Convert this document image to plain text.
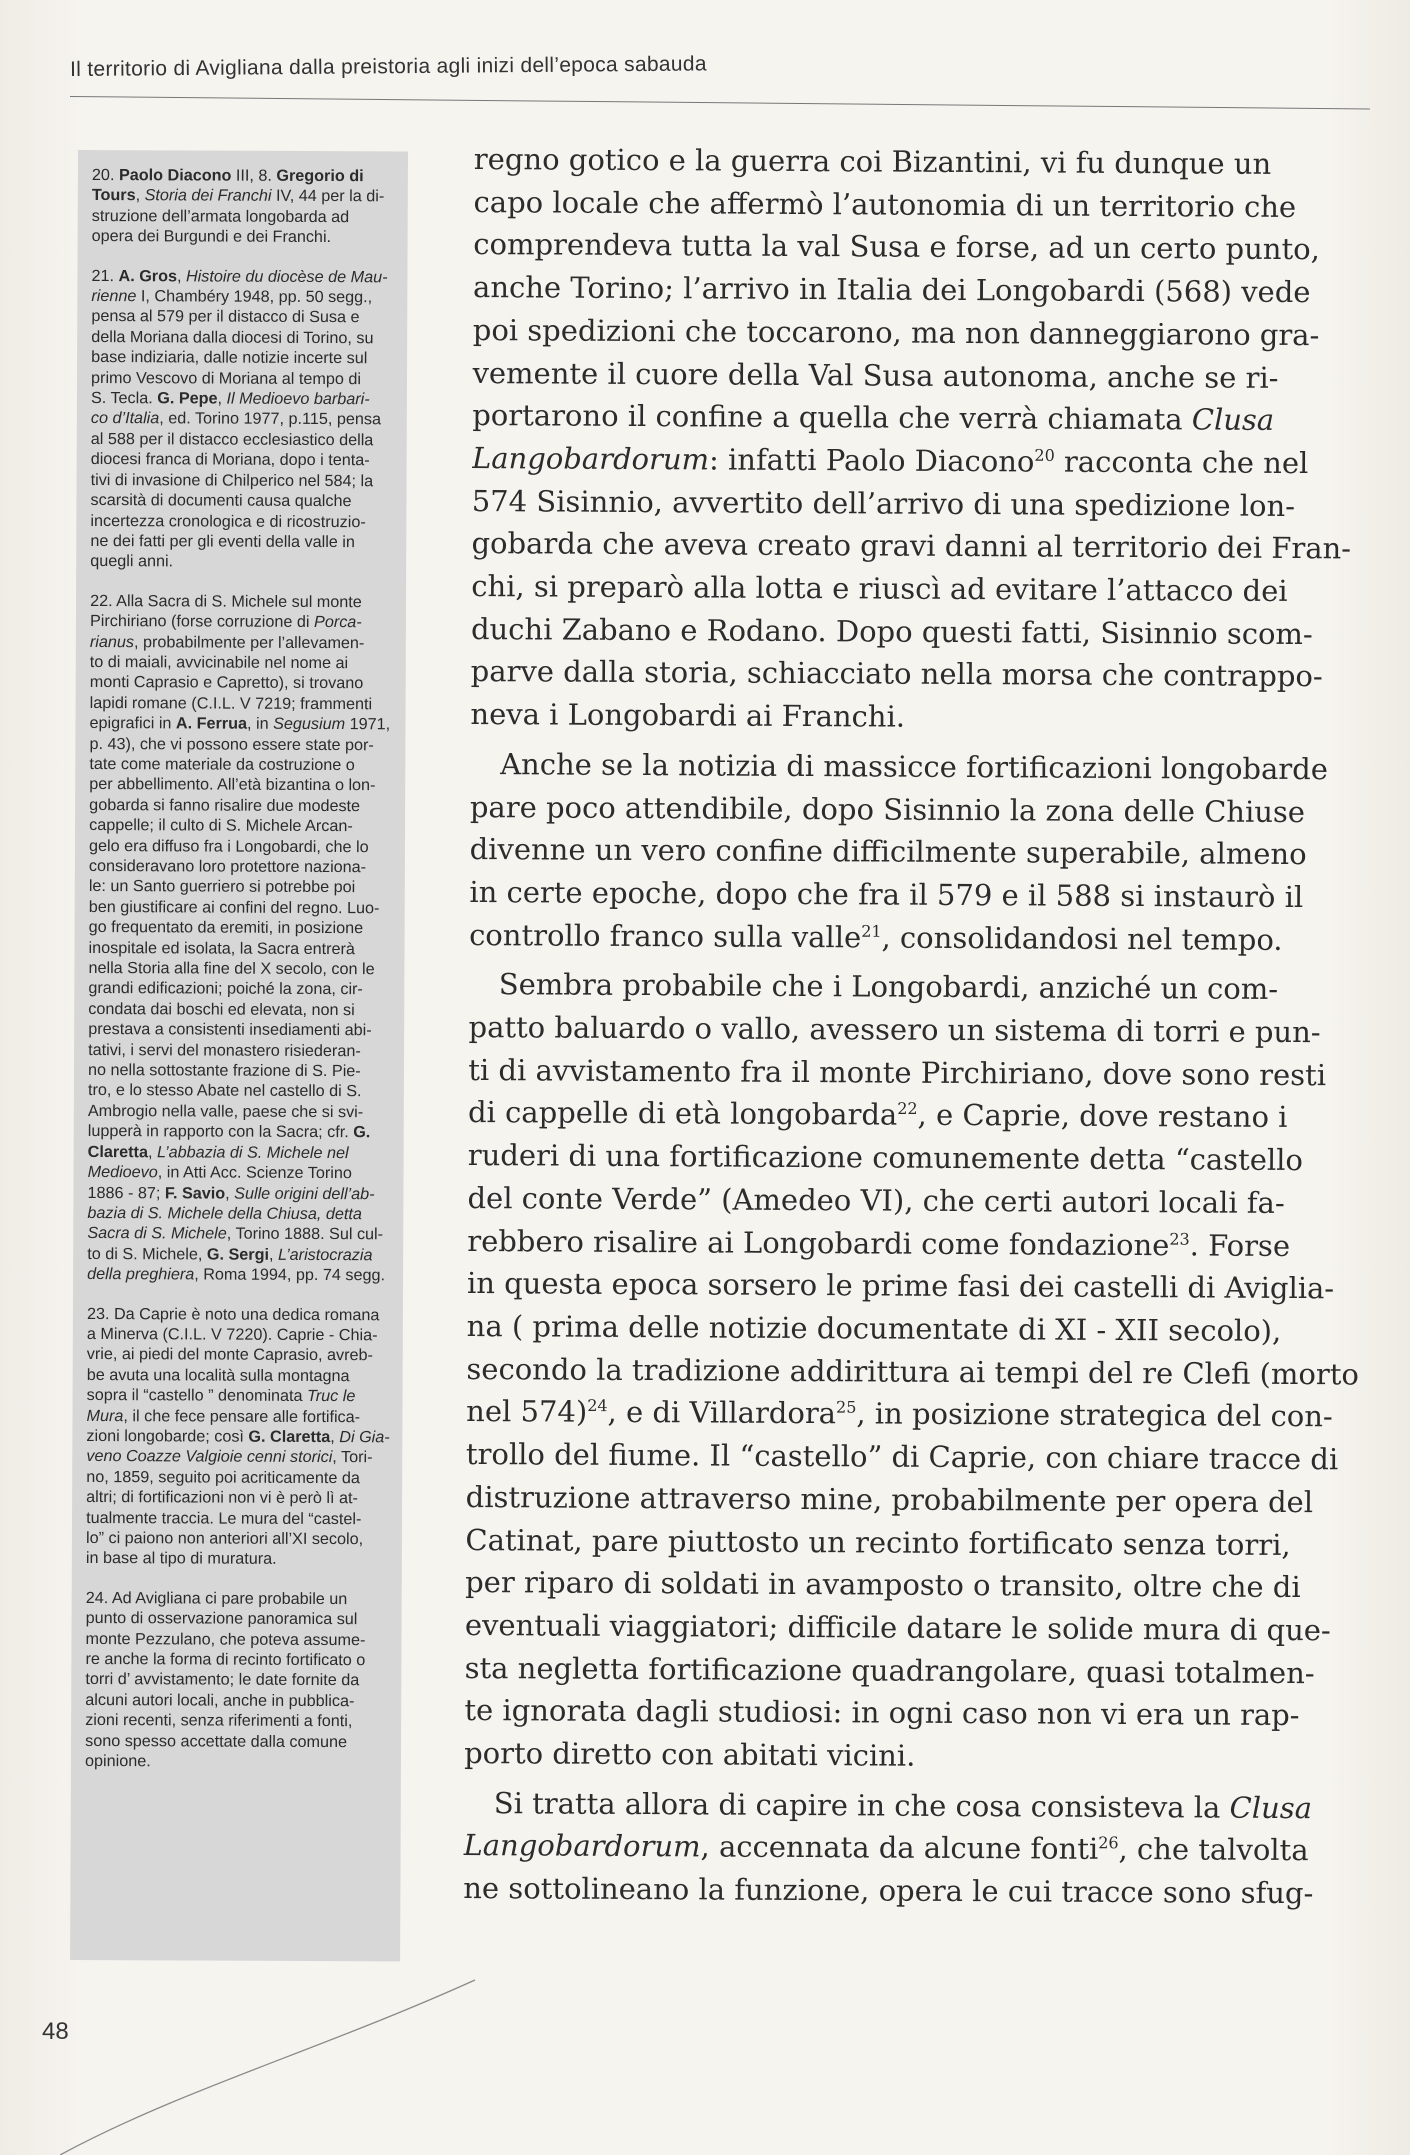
Il territorio di Avigliana dalla preistoria agli inizi dell’epoca sabauda
20. Paolo Diacono III, 8. Gregorio di
Tours, Storia dei Franchi IV, 44 per la di-
struzione dell’armata longobarda ad
opera dei Burgundi e dei Franchi.
21. A. Gros, Histoire du diocèse de Mau-
rienne I, Chambéry 1948, pp. 50 segg.,
pensa al 579 per il distacco di Susa e
della Moriana dalla diocesi di Torino, su
base indiziaria, dalle notizie incerte sul
primo Vescovo di Moriana al tempo di
S. Tecla. G. Pepe, Il Medioevo barbari-
co d’Italia, ed. Torino 1977, p.115, pensa
al 588 per il distacco ecclesiastico della
diocesi franca di Moriana, dopo i tenta-
tivi di invasione di Chilperico nel 584; la
scarsità di documenti causa qualche
incertezza cronologica e di ricostruzio-
ne dei fatti per gli eventi della valle in
quegli anni.
22. Alla Sacra di S. Michele sul monte
Pirchiriano (forse corruzione di Porca-
rianus, probabilmente per l’allevamen-
to di maiali, avvicinabile nel nome ai
monti Caprasio e Capretto), si trovano
lapidi romane (C.I.L. V 7219; frammenti
epigrafici in A. Ferrua, in Segusium 1971,
p. 43), che vi possono essere state por-
tate come materiale da costruzione o
per abbellimento. All’età bizantina o lon-
gobarda si fanno risalire due modeste
cappelle; il culto di S. Michele Arcan-
gelo era diffuso fra i Longobardi, che lo
consideravano loro protettore naziona-
le: un Santo guerriero si potrebbe poi
ben giustificare ai confini del regno. Luo-
go frequentato da eremiti, in posizione
inospitale ed isolata, la Sacra entrerà
nella Storia alla fine del X secolo, con le
grandi edificazioni; poiché la zona, cir-
condata dai boschi ed elevata, non si
prestava a consistenti insediamenti abi-
tativi, i servi del monastero risiederan-
no nella sottostante frazione di S. Pie-
tro, e lo stesso Abate nel castello di S.
Ambrogio nella valle, paese che si svi-
lupperà in rapporto con la Sacra; cfr. G.
Claretta, L’abbazia di S. Michele nel
Medioevo, in Atti Acc. Scienze Torino
1886 - 87; F. Savio, Sulle origini dell’ab-
bazia di S. Michele della Chiusa, detta
Sacra di S. Michele, Torino 1888. Sul cul-
to di S. Michele, G. Sergi, L’aristocrazia
della preghiera, Roma 1994, pp. 74 segg.
23. Da Caprie è noto una dedica romana
a Minerva (C.I.L. V 7220). Caprie - Chia-
vrie, ai piedi del monte Caprasio, avreb-
be avuta una località sulla montagna
sopra il “castello ” denominata Truc le
Mura, il che fece pensare alle fortifica-
zioni longobarde; così G. Claretta, Di Gia-
veno Coazze Valgioie cenni storici, Tori-
no, 1859, seguito poi acriticamente da
altri; di fortificazioni non vi è però lì at-
tualmente traccia. Le mura del “castel-
lo” ci paiono non anteriori all’XI secolo,
in base al tipo di muratura.
24. Ad Avigliana ci pare probabile un
punto di osservazione panoramica sul
monte Pezzulano, che poteva assume-
re anche la forma di recinto fortificato o
torri d’ avvistamento; le date fornite da
alcuni autori locali, anche in pubblica-
zioni recenti, senza riferimenti a fonti,
sono spesso accettate dalla comune
opinione.
regno gotico e la guerra coi Bizantini, vi fu dunque un
capo locale che affermò l’autonomia di un territorio che
comprendeva tutta la val Susa e forse, ad un certo punto,
anche Torino; l’arrivo in Italia dei Longobardi (568) vede
poi spedizioni che toccarono, ma non danneggiarono gra-
vemente il cuore della Val Susa autonoma, anche se ri-
portarono il confine a quella che verrà chiamata Clusa
Langobardorum: infatti Paolo Diacono$^{20}$ racconta che nel
574 Sisinnio, avvertito dell’arrivo di una spedizione lon-
gobarda che aveva creato gravi danni al territorio dei Fran-
chi, si preparò alla lotta e riuscì ad evitare l’attacco dei
duchi Zabano e Rodano. Dopo questi fatti, Sisinnio scom-
parve dalla storia, schiacciato nella morsa che contrappo-
neva i Longobardi ai Franchi.
Anche se la notizia di massicce fortificazioni longobarde
pare poco attendibile, dopo Sisinnio la zona delle Chiuse
divenne un vero confine difficilmente superabile, almeno
in certe epoche, dopo che fra il 579 e il 588 si instaurò il
controllo franco sulla valle$^{21}$, consolidandosi nel tempo.
Sembra probabile che i Longobardi, anziché un com-
patto baluardo o vallo, avessero un sistema di torri e pun-
ti di avvistamento fra il monte Pirchiriano, dove sono resti
di cappelle di età longobarda$^{22}$, e Caprie, dove restano i
ruderi di una fortificazione comunemente detta “castello
del conte Verde” (Amedeo VI), che certi autori locali fa-
rebbero risalire ai Longobardi come fondazione$^{23}$. Forse
in questa epoca sorsero le prime fasi dei castelli di Aviglia-
na ( prima delle notizie documentate di XI - XII secolo),
secondo la tradizione addirittura ai tempi del re Clefi (morto
nel 574)$^{24}$, e di Villardora$^{25}$, in posizione strategica del con-
trollo del fiume. Il “castello” di Caprie, con chiare tracce di
distruzione attraverso mine, probabilmente per opera del
Catinat, pare piuttosto un recinto fortificato senza torri,
per riparo di soldati in avamposto o transito, oltre che di
eventuali viaggiatori; difficile datare le solide mura di que-
sta negletta fortificazione quadrangolare, quasi totalmen-
te ignorata dagli studiosi: in ogni caso non vi era un rap-
porto diretto con abitati vicini.
Si tratta allora di capire in che cosa consisteva la Clusa
Langobardorum, accennata da alcune fonti$^{26}$, che talvolta
ne sottolineano la funzione, opera le cui tracce sono sfug-
48
